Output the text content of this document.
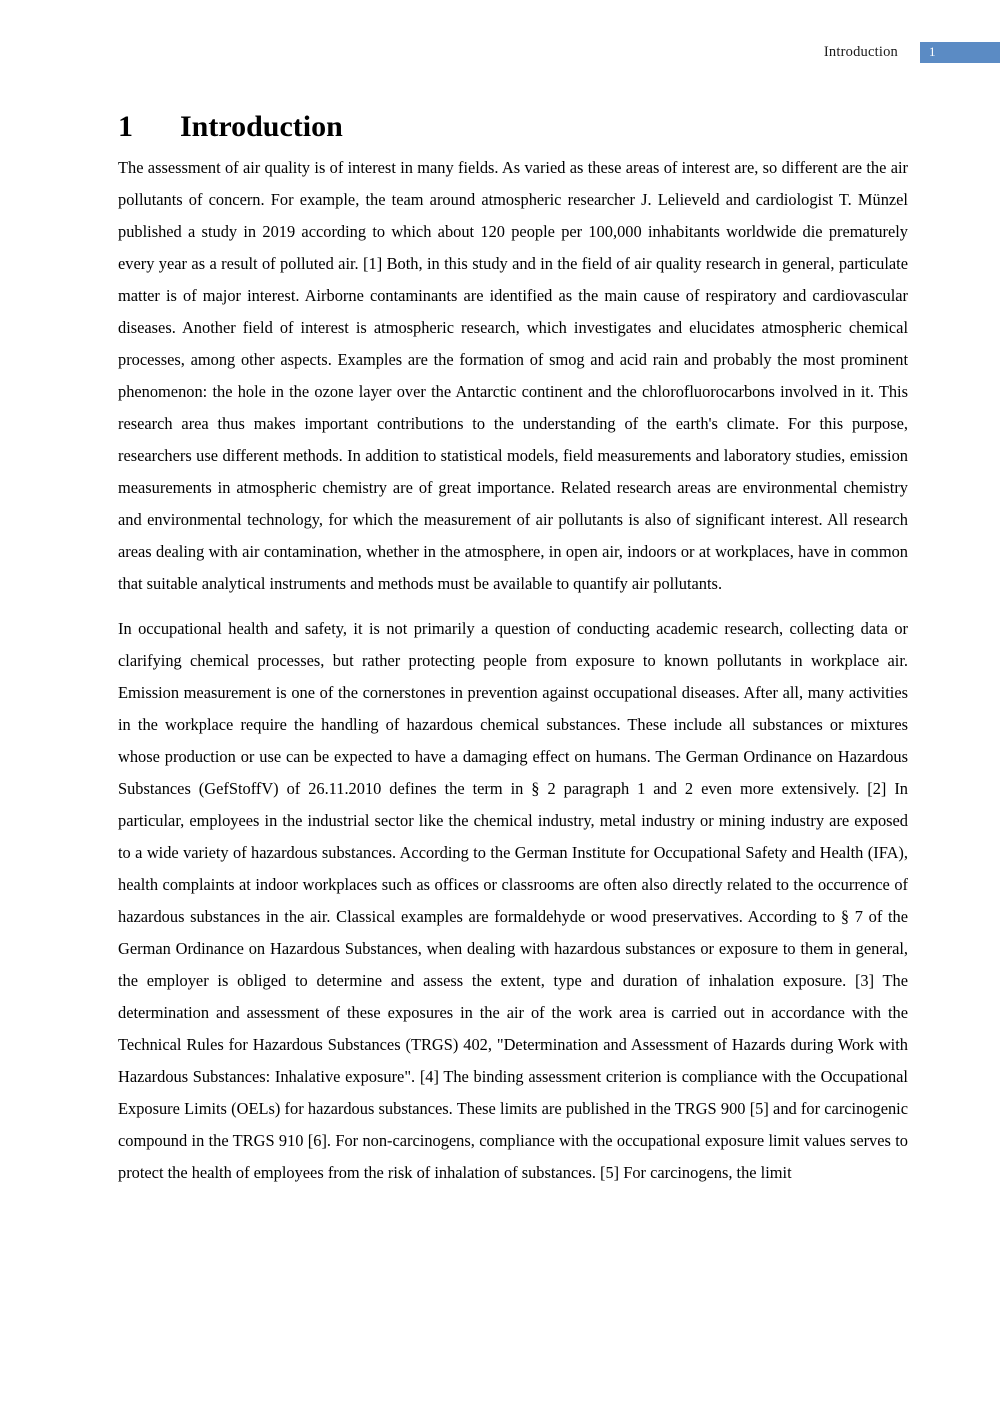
Introduction	1
1	Introduction

The assessment of air quality is of interest in many fields. As varied as these areas of interest are, so different are the air pollutants of concern. For example, the team around atmospheric researcher J. Lelieveld and cardiologist T. Münzel published a study in 2019 according to which about 120 people per 100,000 inhabitants worldwide die prematurely every year as a result of polluted air. [1] Both, in this study and in the field of air quality research in general, particulate matter is of major interest. Airborne contaminants are identified as the main cause of respiratory and cardiovascular diseases. Another field of interest is atmospheric research, which investigates and elucidates atmospheric chemical processes, among other aspects. Examples are the formation of smog and acid rain and probably the most prominent phenomenon: the hole in the ozone layer over the Antarctic continent and the chlorofluorocarbons involved in it. This research area thus makes important contributions to the understanding of the earth's climate. For this purpose, researchers use different methods. In addition to statistical models, field measurements and laboratory studies, emission measurements in atmospheric chemistry are of great importance. Related research areas are environmental chemistry and environmental technology, for which the measurement of air pollutants is also of significant interest. All research areas dealing with air contamination, whether in the atmosphere, in open air, indoors or at workplaces, have in common that suitable analytical instruments and methods must be available to quantify air pollutants.

In occupational health and safety, it is not primarily a question of conducting academic research, collecting data or clarifying chemical processes, but rather protecting people from exposure to known pollutants in workplace air. Emission measurement is one of the cornerstones in prevention against occupational diseases. After all, many activities in the workplace require the handling of hazardous chemical substances. These include all substances or mixtures whose production or use can be expected to have a damaging effect on humans. The German Ordinance on Hazardous Substances (GefStoffV) of 26.11.2010 defines the term in § 2 paragraph 1 and 2 even more extensively. [2] In particular, employees in the industrial sector like the chemical industry, metal industry or mining industry are exposed to a wide variety of hazardous substances. According to the German Institute for Occupational Safety and Health (IFA), health complaints at indoor workplaces such as offices or classrooms are often also directly related to the occurrence of hazardous substances in the air. Classical examples are formaldehyde or wood preservatives. According to § 7 of the German Ordinance on Hazardous Substances, when dealing with hazardous substances or exposure to them in general, the employer is obliged to determine and assess the extent, type and duration of inhalation exposure. [3] The determination and assessment of these exposures in the air of the work area is carried out in accordance with the Technical Rules for Hazardous Substances (TRGS) 402, "Determination and Assessment of Hazards during Work with Hazardous Substances: Inhalative exposure". [4] The binding assessment criterion is compliance with the Occupational Exposure Limits (OELs) for hazardous substances. These limits are published in the TRGS 900 [5] and for carcinogenic compound in the TRGS 910 [6]. For non-carcinogens, compliance with the occupational exposure limit values serves to protect the health of employees from the risk of inhalation of substances. [5] For carcinogens, the limit
